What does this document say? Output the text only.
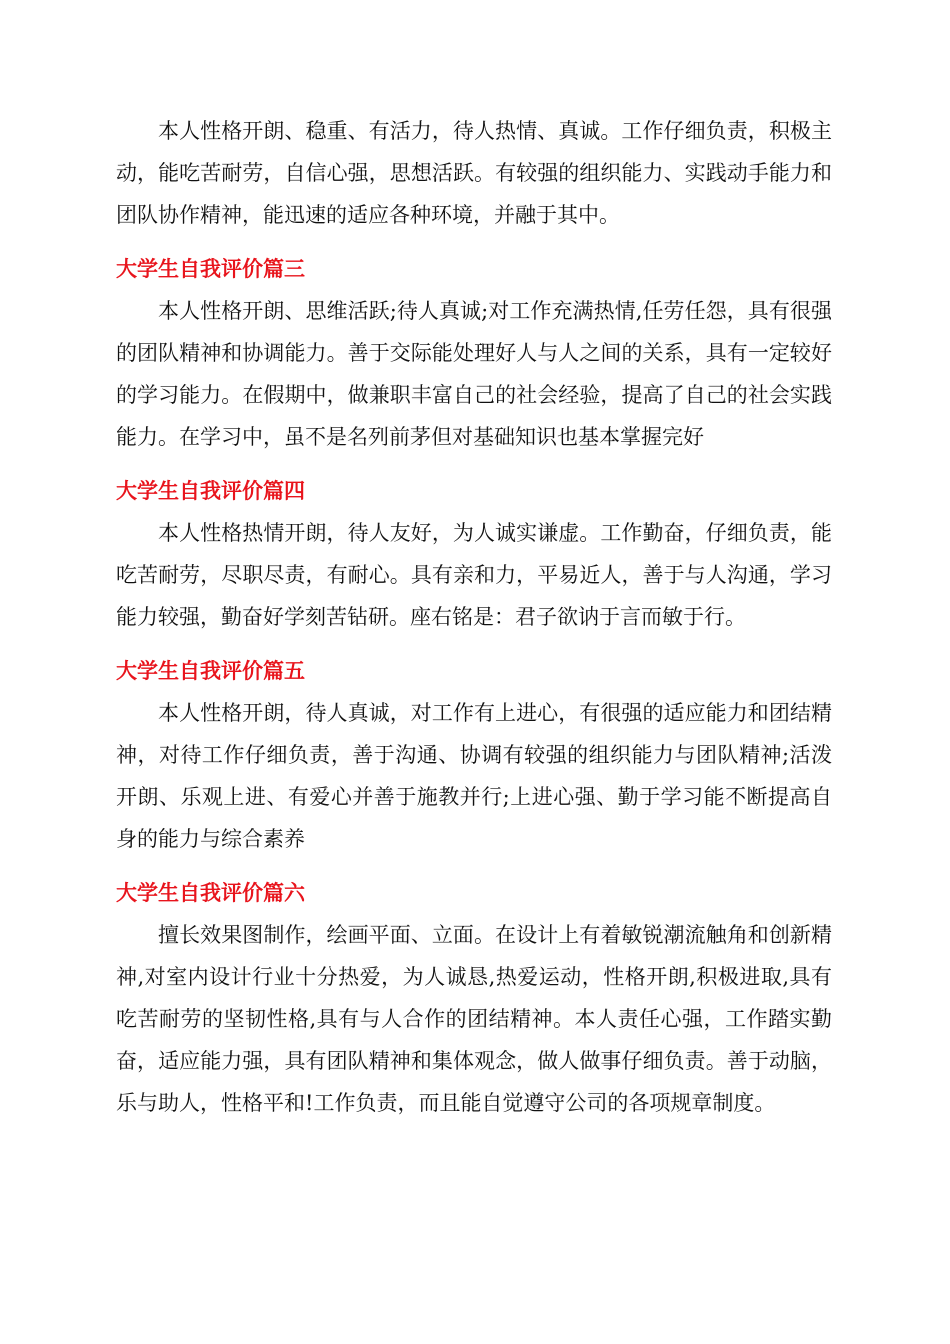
本人性格开朗、稳重、有活力，待人热情、真诚。工作仔细负责，积极主动，能吃苦耐劳，自信心强，思想活跃。有较强的组织能力、实践动手能力和团队协作精神，能迅速的适应各种环境，并融于其中。

大学生自我评价篇三

本人性格开朗、思维活跃;待人真诚;对工作充满热情,任劳任怨，具有很强的团队精神和协调能力。善于交际能处理好人与人之间的关系，具有一定较好的学习能力。在假期中，做兼职丰富自己的社会经验，提高了自己的社会实践能力。在学习中，虽不是名列前茅但对基础知识也基本掌握完好

大学生自我评价篇四

本人性格热情开朗，待人友好，为人诚实谦虚。工作勤奋，仔细负责，能吃苦耐劳，尽职尽责，有耐心。具有亲和力，平易近人，善于与人沟通，学习能力较强，勤奋好学刻苦钻研。座右铭是：君子欲讷于言而敏于行。

大学生自我评价篇五

本人性格开朗，待人真诚，对工作有上进心，有很强的适应能力和团结精神，对待工作仔细负责，善于沟通、协调有较强的组织能力与团队精神;活泼开朗、乐观上进、有爱心并善于施教并行;上进心强、勤于学习能不断提高自身的能力与综合素养

大学生自我评价篇六

擅长效果图制作，绘画平面、立面。在设计上有着敏锐潮流触角和创新精神,对室内设计行业十分热爱，为人诚恳,热爱运动，性格开朗,积极进取,具有吃苦耐劳的坚韧性格,具有与人合作的团结精神。本人责任心强，工作踏实勤奋，适应能力强，具有团队精神和集体观念，做人做事仔细负责。善于动脑，乐与助人，性格平和!工作负责，而且能自觉遵守公司的各项规章制度。
